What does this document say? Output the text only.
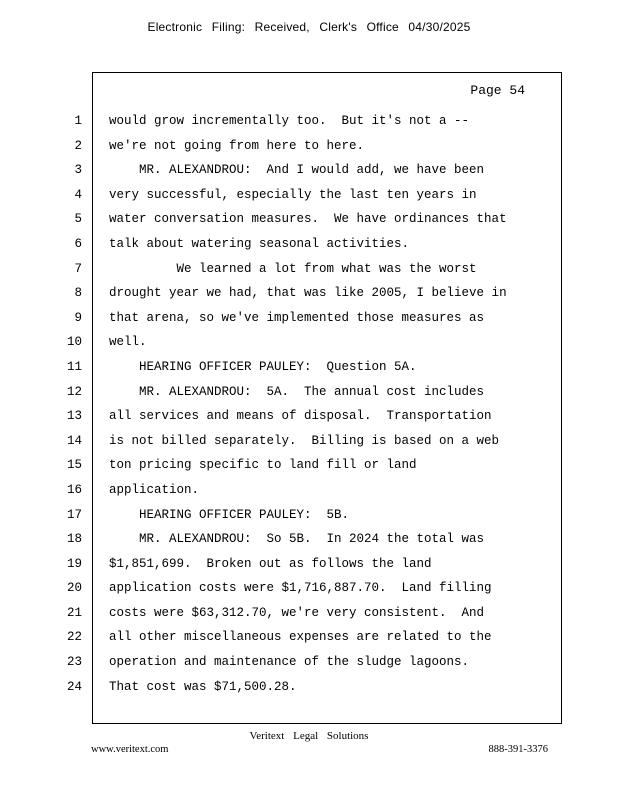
Electronic Filing: Received, Clerk's Office 04/30/2025
Page 54
1 would grow incrementally too.  But it's not a --
2 we're not going from here to here.
3 MR. ALEXANDROU:  And I would add, we have been
4 very successful, especially the last ten years in
5 water conversation measures.  We have ordinances that
6 talk about watering seasonal activities.
7 We learned a lot from what was the worst
8 drought year we had, that was like 2005, I believe in
9 that arena, so we've implemented those measures as
10 well.
11 HEARING OFFICER PAULEY:  Question 5A.
12 MR. ALEXANDROU:  5A.  The annual cost includes
13 all services and means of disposal.  Transportation
14 is not billed separately.  Billing is based on a web
15 ton pricing specific to land fill or land
16 application.
17 HEARING OFFICER PAULEY:  5B.
18 MR. ALEXANDROU:  So 5B.  In 2024 the total was
19 $1,851,699.  Broken out as follows the land
20 application costs were $1,716,887.70.  Land filling
21 costs were $63,312.70, we're very consistent.  And
22 all other miscellaneous expenses are related to the
23 operation and maintenance of the sludge lagoons.
24 That cost was $71,500.28.
Veritext Legal Solutions
www.veritext.com	888-391-3376
